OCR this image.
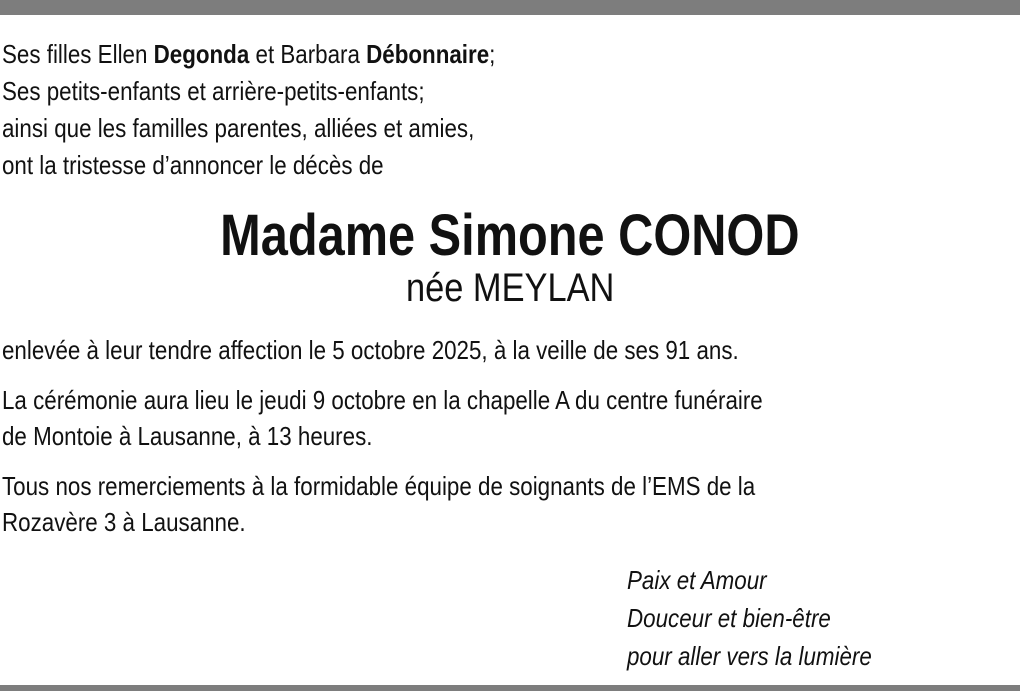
Ses filles Ellen Degonda et Barbara Débonnaire;
Ses petits-enfants et arrière-petits-enfants;
ainsi que les familles parentes, alliées et amies,
ont la tristesse d’annoncer le décès de
Madame Simone CONOD
née MEYLAN
enlevée à leur tendre affection le 5 octobre 2025, à la veille de ses 91 ans.
La cérémonie aura lieu le jeudi 9 octobre en la chapelle A du centre funéraire
de Montoie à Lausanne, à 13 heures.
Tous nos remerciements à la formidable équipe de soignants de l’EMS de la
Rozavère 3 à Lausanne.
Paix et Amour
Douceur et bien-être
pour aller vers la lumière
